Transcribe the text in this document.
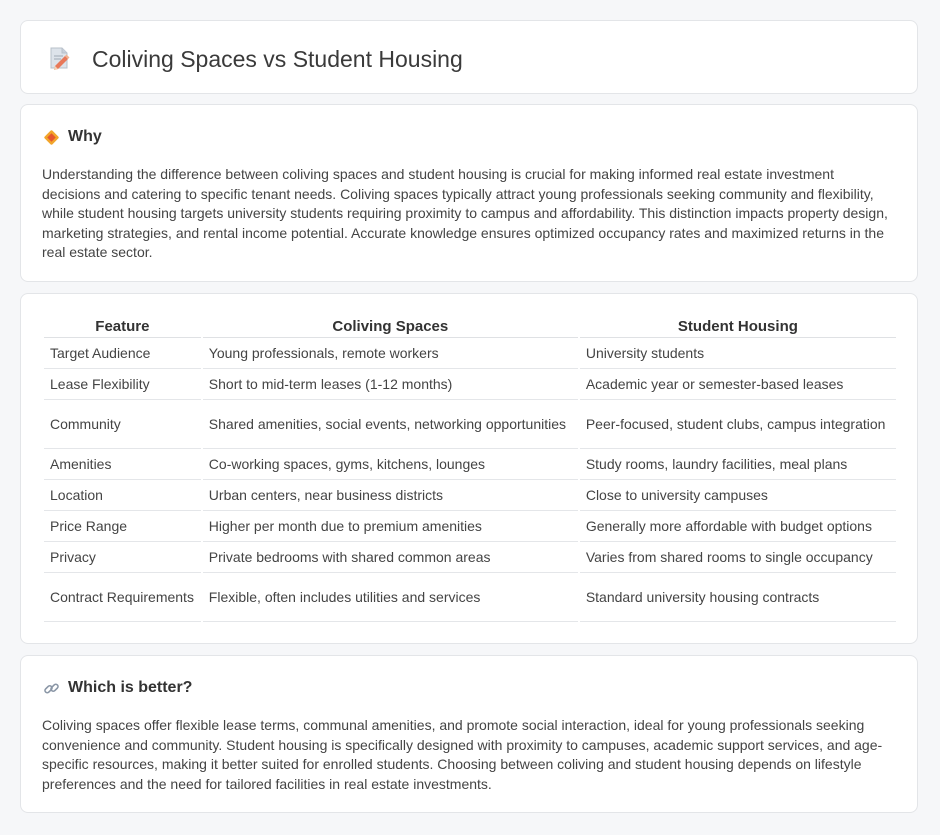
Coliving Spaces vs Student Housing
Why

Understanding the difference between coliving spaces and student housing is crucial for making informed real estate investment decisions and catering to specific tenant needs. Coliving spaces typically attract young professionals seeking community and flexibility, while student housing targets university students requiring proximity to campus and affordability. This distinction impacts property design, marketing strategies, and rental income potential. Accurate knowledge ensures optimized occupancy rates and maximized returns in the real estate sector.

Feature	Coliving Spaces	Student Housing
Target Audience	Young professionals, remote workers	University students
Lease Flexibility	Short to mid-term leases (1-12 months)	Academic year or semester-based leases
Community	Shared amenities, social events, networking opportunities	Peer-focused, student clubs, campus integration
Amenities	Co-working spaces, gyms, kitchens, lounges	Study rooms, laundry facilities, meal plans
Location	Urban centers, near business districts	Close to university campuses
Price Range	Higher per month due to premium amenities	Generally more affordable with budget options
Privacy	Private bedrooms with shared common areas	Varies from shared rooms to single occupancy
Contract Requirements	Flexible, often includes utilities and services	Standard university housing contracts
Which is better?

Coliving spaces offer flexible lease terms, communal amenities, and promote social interaction, ideal for young professionals seeking convenience and community. Student housing is specifically designed with proximity to campuses, academic support services, and age-specific resources, making it better suited for enrolled students. Choosing between coliving and student housing depends on lifestyle preferences and the need for tailored facilities in real estate investments.
